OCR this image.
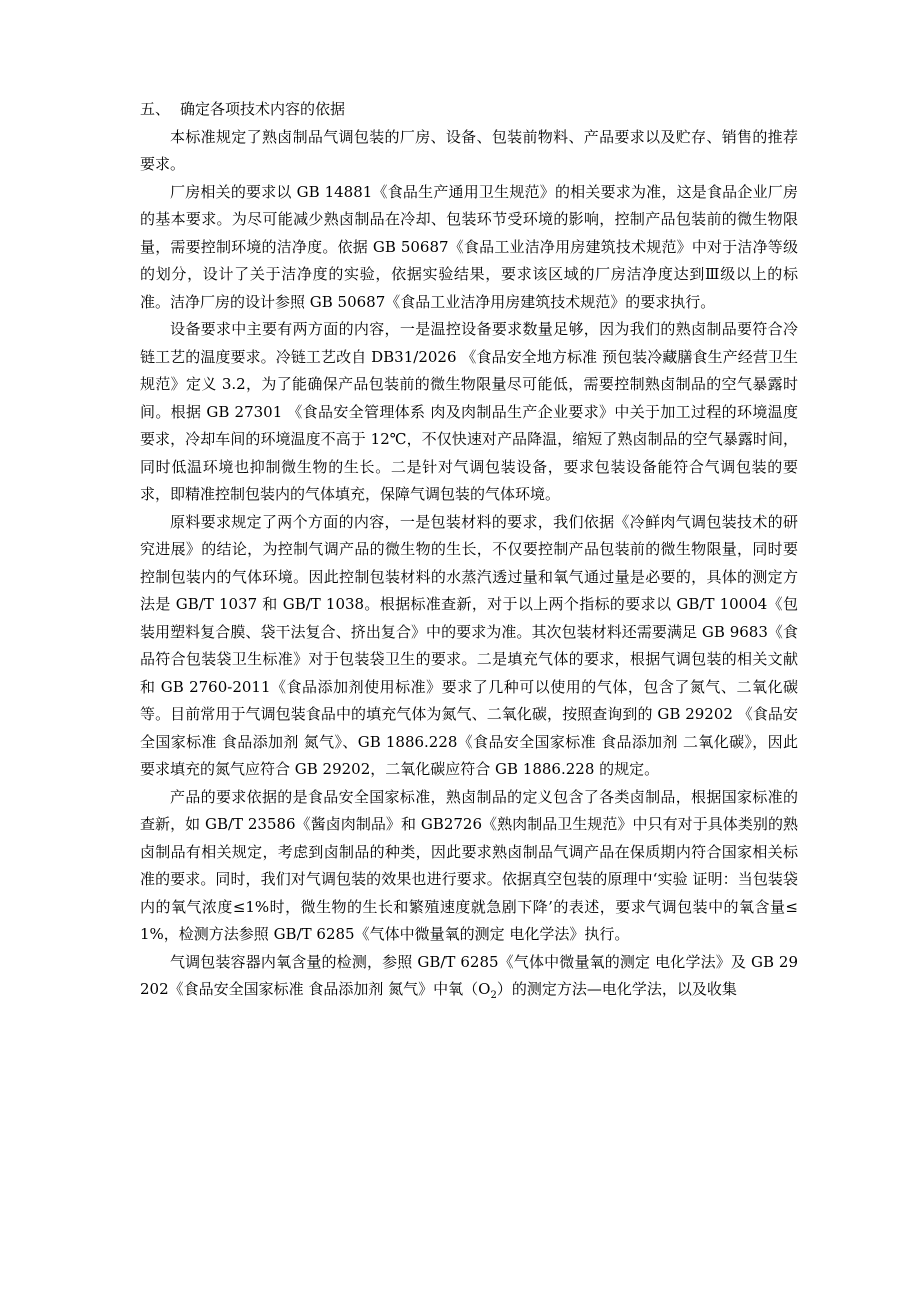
五、 确定各项技术内容的依据

本标准规定了熟卤制品气调包装的厂房、设备、包装前物料、产品要求以及贮存、销售的推荐要求。

厂房相关的要求以 GB 14881《食品生产通用卫生规范》的相关要求为准，这是食品企业厂房的基本要求。为尽可能减少熟卤制品在冷却、包装环节受环境的影响，控制产品包装前的微生物限量，需要控制环境的洁净度。依据 GB 50687《食品工业洁净用房建筑技术规范》中对于洁净等级的划分，设计了关于洁净度的实验，依据实验结果，要求该区域的厂房洁净度达到Ⅲ级以上的标准。洁净厂房的设计参照 GB 50687《食品工业洁净用房建筑技术规范》的要求执行。

设备要求中主要有两方面的内容，一是温控设备要求数量足够，因为我们的熟卤制品要符合冷链工艺的温度要求。冷链工艺改自 DB31/2026 《食品安全地方标准 预包装冷藏膳食生产经营卫生规范》定义 3.2，为了能确保产品包装前的微生物限量尽可能低，需要控制熟卤制品的空气暴露时间。根据 GB 27301 《食品安全管理体系 肉及肉制品生产企业要求》中关于加工过程的环境温度要求，冷却车间的环境温度不高于 12℃，不仅快速对产品降温，缩短了熟卤制品的空气暴露时间，同时低温环境也抑制微生物的生长。二是针对气调包装设备，要求包装设备能符合气调包装的要求，即精准控制包装内的气体填充，保障气调包装的气体环境。

原料要求规定了两个方面的内容，一是包装材料的要求，我们依据《冷鲜肉气调包装技术的研究进展》的结论，为控制气调产品的微生物的生长，不仅要控制产品包装前的微生物限量，同时要控制包装内的气体环境。因此控制包装材料的水蒸汽透过量和氧气通过量是必要的，具体的测定方法是 GB/T 1037 和 GB/T 1038。根据标准查新，对于以上两个指标的要求以 GB/T 10004《包装用塑料复合膜、袋干法复合、挤出复合》中的要求为准。其次包装材料还需要满足 GB 9683《食品符合包装袋卫生标准》对于包装袋卫生的要求。二是填充气体的要求，根据气调包装的相关文献和 GB 2760-2011《食品添加剂使用标准》要求了几种可以使用的气体，包含了氮气、二氧化碳等。目前常用于气调包装食品中的填充气体为氮气、二氧化碳，按照查询到的 GB 29202 《食品安全国家标准 食品添加剂 氮气》、GB 1886.228《食品安全国家标准 食品添加剂 二氧化碳》，因此要求填充的氮气应符合 GB 29202，二氧化碳应符合 GB 1886.228 的规定。

产品的要求依据的是食品安全国家标准，熟卤制品的定义包含了各类卤制品，根据国家标准的查新，如 GB/T 23586《酱卤肉制品》和 GB2726《熟肉制品卫生规范》中只有对于具体类别的熟卤制品有相关规定，考虑到卤制品的种类，因此要求熟卤制品气调产品在保质期内符合国家相关标准的要求。同时，我们对气调包装的效果也进行要求。依据真空包装的原理中‘实验 证明：当包装袋内的氧气浓度≤1%时，微生物的生长和繁殖速度就急剧下降’的表述，要求气调包装中的氧含量≤1%，检测方法参照 GB/T 6285《气体中微量氧的测定 电化学法》执行。

气调包装容器内氧含量的检测，参照 GB/T 6285《气体中微量氧的测定 电化学法》及 GB 29202《食品安全国家标准 食品添加剂 氮气》中氧$(O_2)$的测定方法—电化学法，以及收集
